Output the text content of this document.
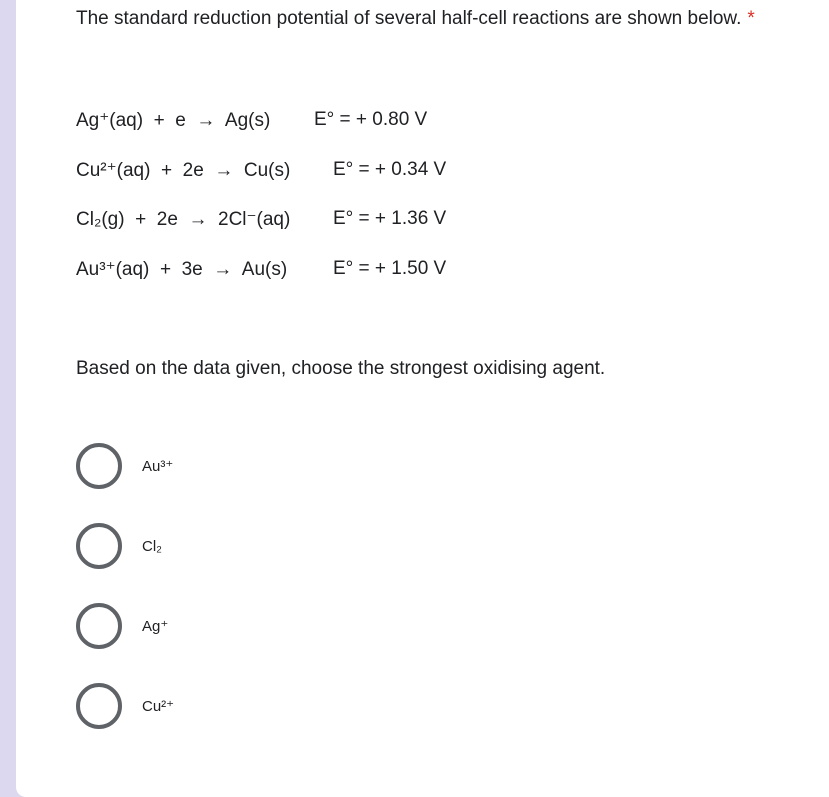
The standard reduction potential of several half-cell reactions are shown below. *
Ag⁺(aq)  +  e  →  Ag(s) E° = + 0.80 V
Cu²⁺(aq)  +  2e  →  Cu(s) E° = + 0.34 V
Cl₂(g)  +  2e  →  2Cl⁻(aq) E° = + 1.36 V
Au³⁺(aq)  +  3e  →  Au(s) E° = + 1.50 V
Based on the data given, choose the strongest oxidising agent.
Au³⁺
Cl₂
Ag⁺
Cu²⁺
